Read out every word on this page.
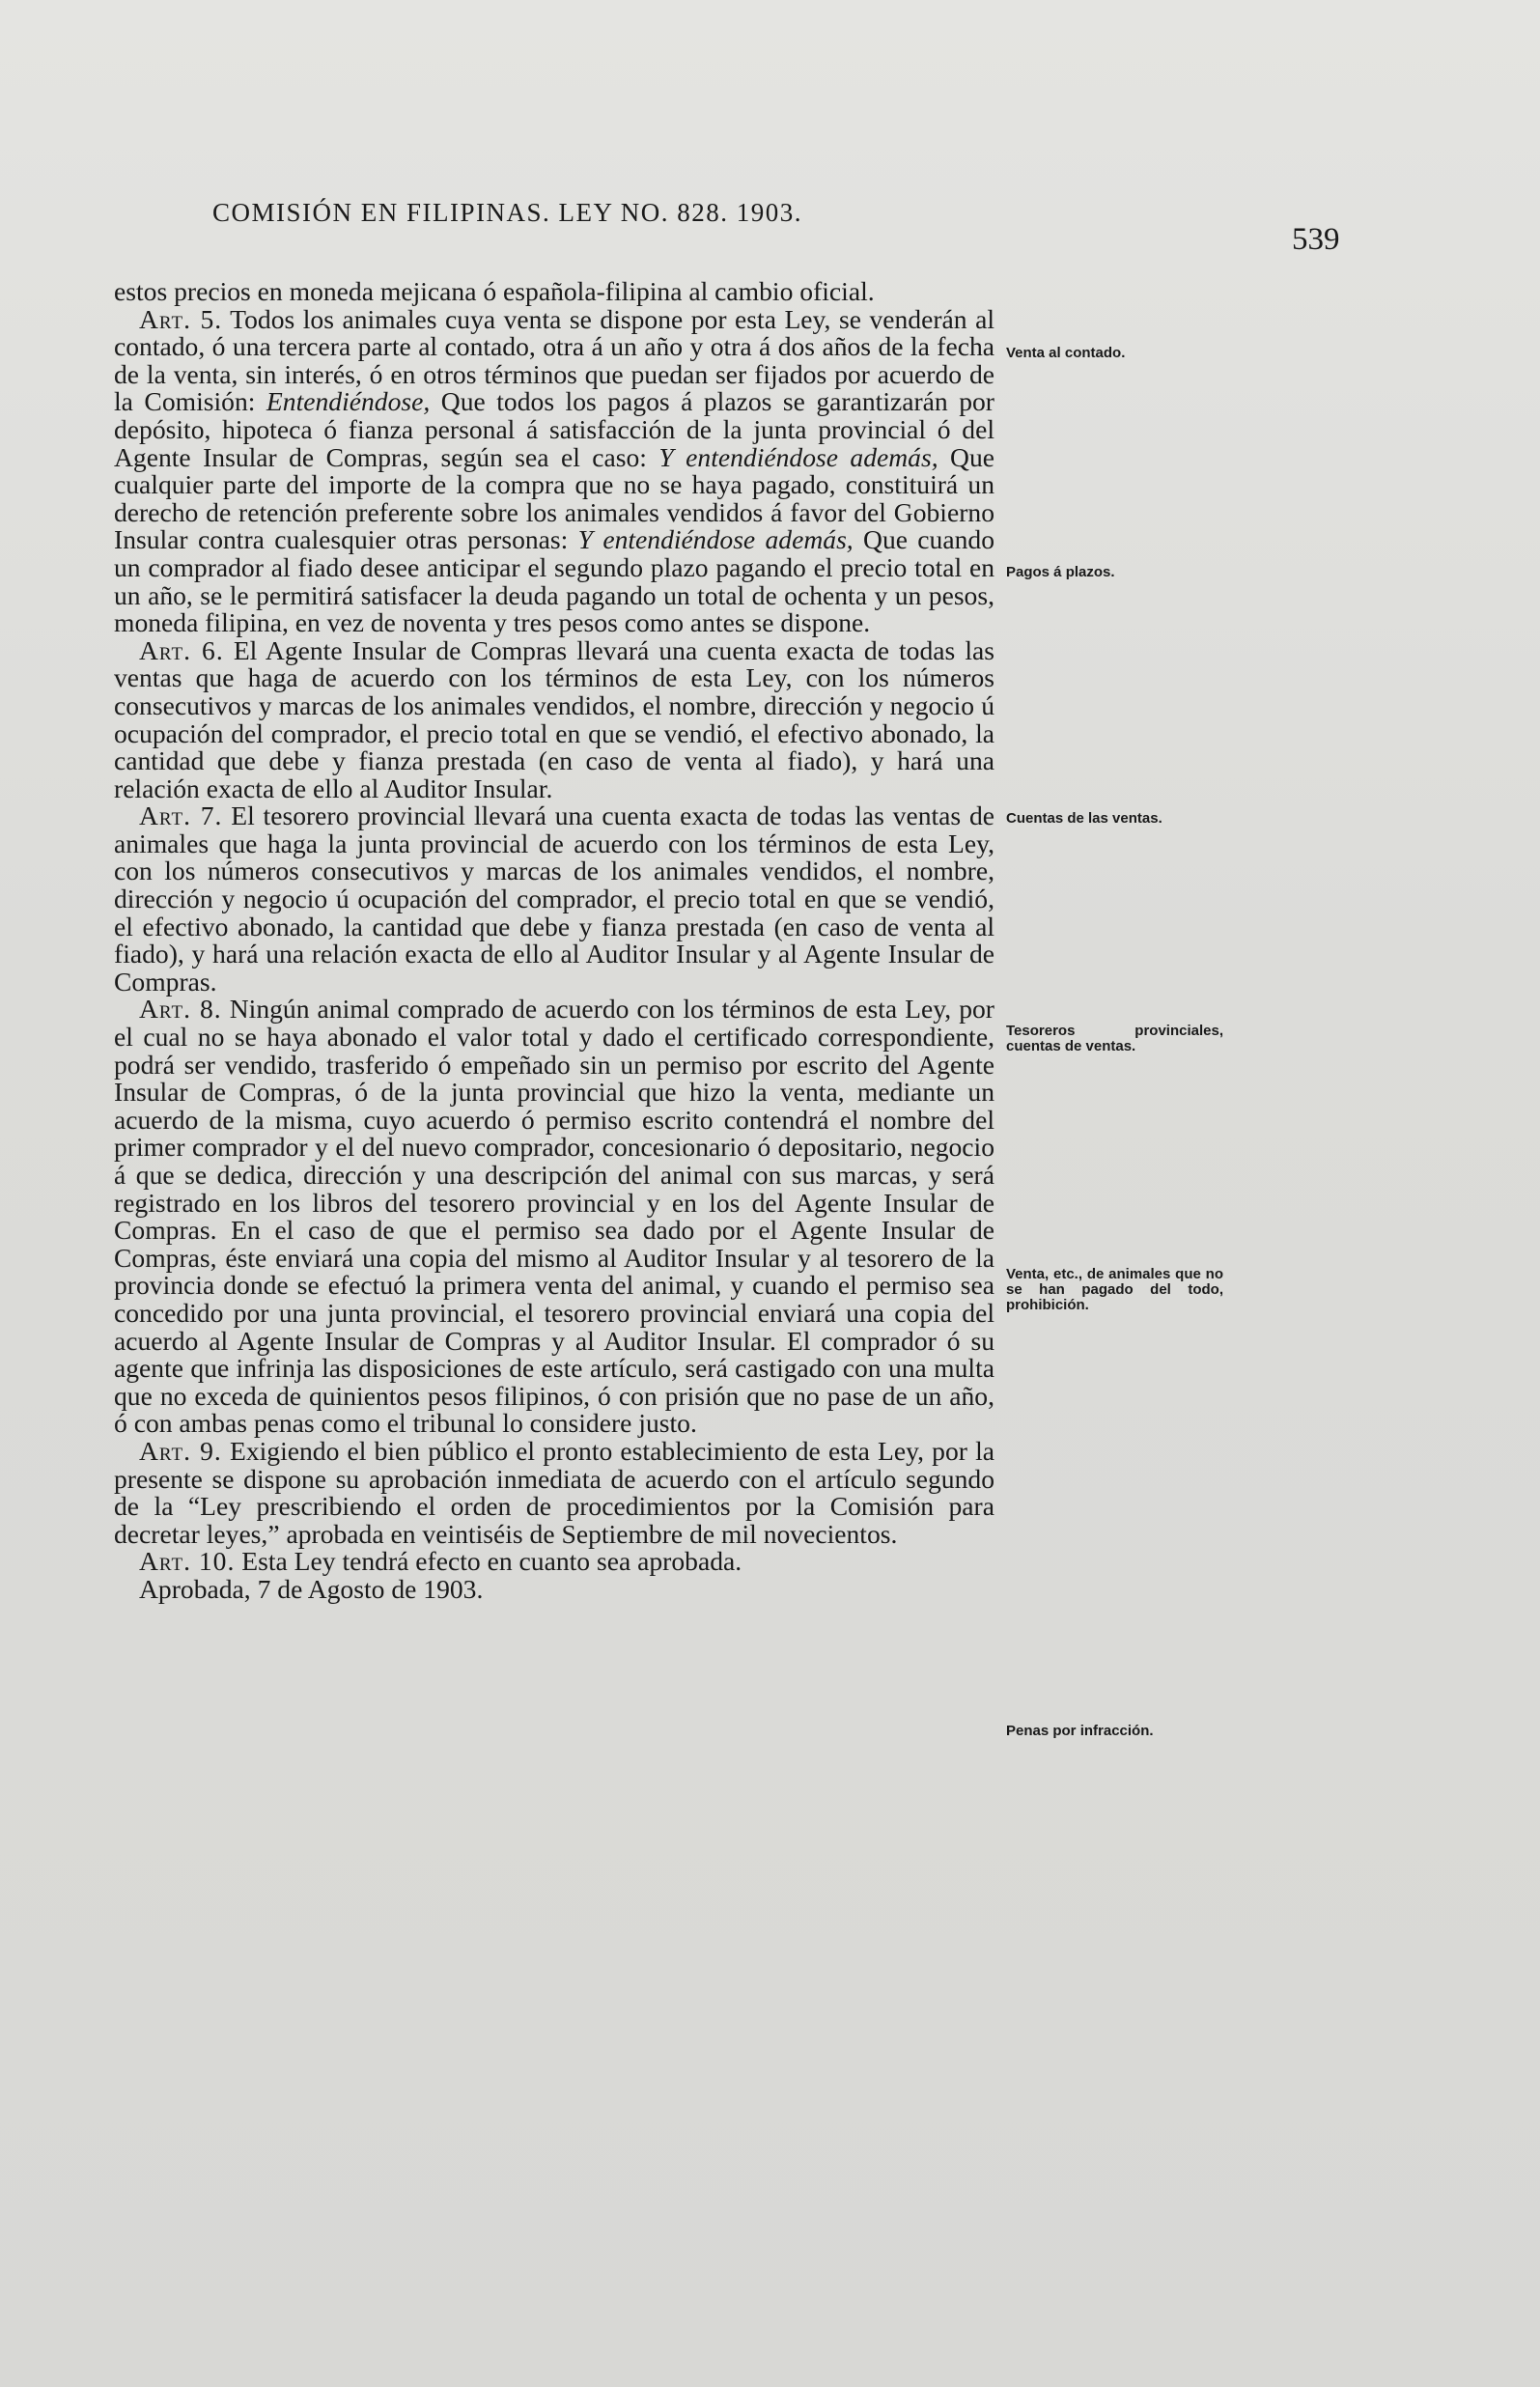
COMISIÓN EN FILIPINAS. LEY NO. 828. 1903.
539

estos precios en moneda mejicana ó española-filipina al cambio oficial.

Art. 5. Todos los animales cuya venta se dispone por esta Ley, se venderán al contado, ó una tercera parte al contado, otra á un año y otra á dos años de la fecha de la venta, sin interés, ó en otros términos que puedan ser fijados por acuerdo de la Comisión: Entendiéndose, Que todos los pagos á plazos se garantizarán por depósito, hipoteca ó fianza personal á satisfacción de la junta provincial ó del Agente Insular de Compras, según sea el caso: Y entendiéndose además, Que cualquier parte del importe de la compra que no se haya pagado, constituirá un derecho de retención preferente sobre los animales vendidos á favor del Gobierno Insular contra cualesquier otras personas: Y entendiéndose además, Que cuando un comprador al fiado desee anticipar el segundo plazo pagando el precio total en un año, se le permitirá satisfacer la deuda pagando un total de ochenta y un pesos, moneda filipina, en vez de noventa y tres pesos como antes se dispone.

Art. 6. El Agente Insular de Compras llevará una cuenta exacta de todas las ventas que haga de acuerdo con los términos de esta Ley, con los números consecutivos y marcas de los animales vendidos, el nombre, dirección y negocio ú ocupación del comprador, el precio total en que se vendió, el efectivo abonado, la cantidad que debe y fianza prestada (en caso de venta al fiado), y hará una relación exacta de ello al Auditor Insular.

Art. 7. El tesorero provincial llevará una cuenta exacta de todas las ventas de animales que haga la junta provincial de acuerdo con los términos de esta Ley, con los números consecutivos y marcas de los animales vendidos, el nombre, dirección y negocio ú ocupación del comprador, el precio total en que se vendió, el efectivo abonado, la cantidad que debe y fianza prestada (en caso de venta al fiado), y hará una relación exacta de ello al Auditor Insular y al Agente Insular de Compras.

Art. 8. Ningún animal comprado de acuerdo con los términos de esta Ley, por el cual no se haya abonado el valor total y dado el certificado correspondiente, podrá ser vendido, trasferido ó empeñado sin un permiso por escrito del Agente Insular de Compras, ó de la junta provincial que hizo la venta, mediante un acuerdo de la misma, cuyo acuerdo ó permiso escrito contendrá el nombre del primer comprador y el del nuevo comprador, concesionario ó depositario, negocio á que se dedica, dirección y una descripción del animal con sus marcas, y será registrado en los libros del tesorero provincial y en los del Agente Insular de Compras. En el caso de que el permiso sea dado por el Agente Insular de Compras, éste enviará una copia del mismo al Auditor Insular y al tesorero de la provincia donde se efectuó la primera venta del animal, y cuando el permiso sea concedido por una junta provincial, el tesorero provincial enviará una copia del acuerdo al Agente Insular de Compras y al Auditor Insular. El comprador ó su agente que infrinja las disposiciones de este artículo, será castigado con una multa que no exceda de quinientos pesos filipinos, ó con prisión que no pase de un año, ó con ambas penas como el tribunal lo considere justo.

Art. 9. Exigiendo el bien público el pronto establecimiento de esta Ley, por la presente se dispone su aprobación inmediata de acuerdo con el artículo segundo de la “Ley prescribiendo el orden de procedimientos por la Comisión para decretar leyes,” aprobada en veintiséis de Septiembre de mil novecientos.

Art. 10. Esta Ley tendrá efecto en cuanto sea aprobada.

Aprobada, 7 de Agosto de 1903.

Venta al contado.
Pagos á plazos.
Cuentas de las ventas.
Tesoreros provinciales, cuentas de ventas.
Venta, etc., de animales que no se han pagado del todo, prohibición.
Penas por infracción.
